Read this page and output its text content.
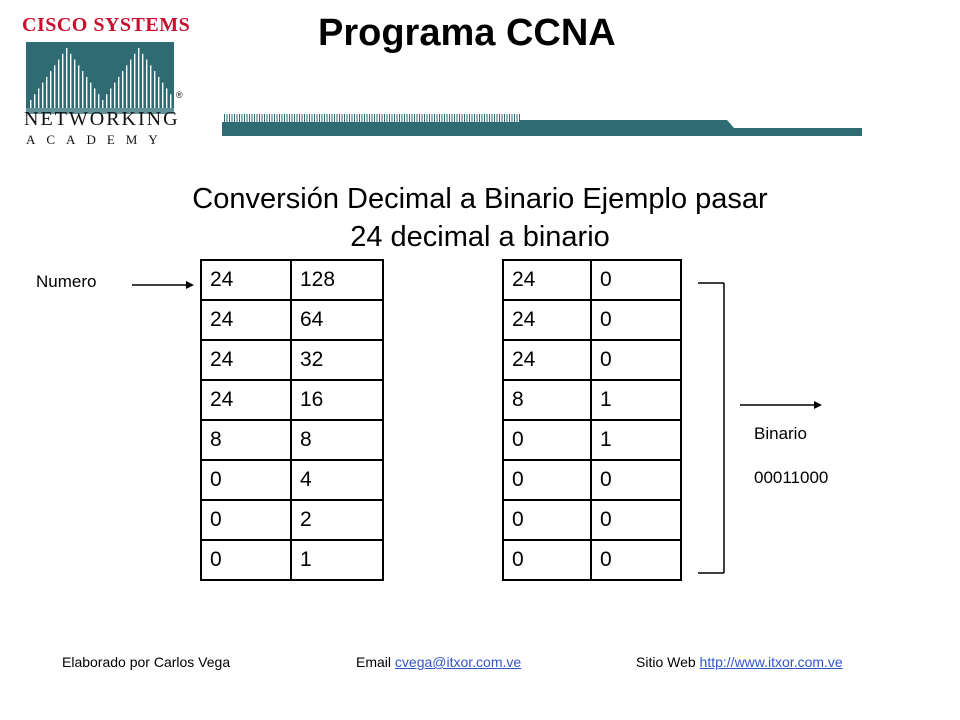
CISCO SYSTEMS
NETWORKING
ACADEMY
®
Programa CCNA
Conversión Decimal a Binario Ejemplo pasar
24 decimal a binario
Numero	24	128
24	64
24	32
24	16
8	8
0	4
0	2
0	1
24	0
24	0
24	0
8	1
0	1
0	0
0	0
0	0
Binario
00011000
Elaborado por Carlos Vega	Email cvega@itxor.com.ve	Sitio Web http://www.itxor.com.ve
